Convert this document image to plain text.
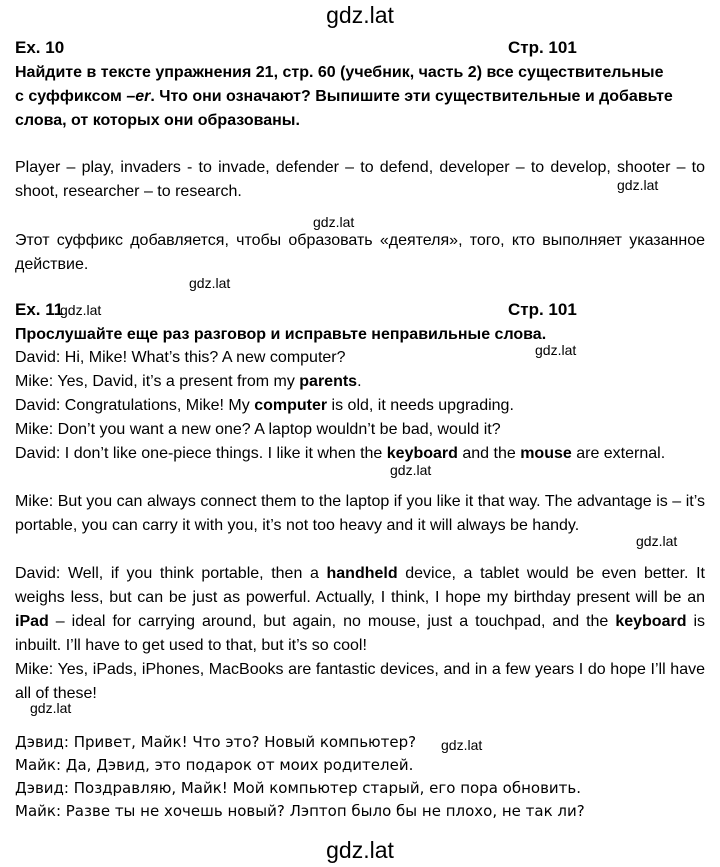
gdz.lat
Ex. 10	Стр. 101
Найдите в тексте упражнения 21, стр. 60 (учебник, часть 2) все существительные
с суффиксом –er. Что они означают? Выпишите эти существительные и добавьте
слова, от которых они образованы.
Player – play, invaders - to invade, defender – to defend, developer – to develop, shooter – to shoot, researcher – to research.
Этот суффикс добавляется, чтобы образовать «деятеля», того, кто выполняет указанное действие.
Ex. 11	Стр. 101
Прослушайте еще раз разговор и исправьте неправильные слова.
David: Hi, Mike! What’s this? A new computer?
Mike: Yes, David, it’s a present from my parents.
David: Congratulations, Mike! My computer is old, it needs upgrading.
Mike: Don’t you want a new one? A laptop wouldn’t be bad, would it?
David: I don’t like one-piece things. I like it when the keyboard and the mouse are external.
Mike: But you can always connect them to the laptop if you like it that way. The advantage is – it’s portable, you can carry it with you, it’s not too heavy and it will always be handy.
David: Well, if you think portable, then a handheld device, a tablet would be even better. It weighs less, but can be just as powerful. Actually, I think, I hope my birthday present will be an iPad – ideal for carrying around, but again, no mouse, just a touchpad, and the keyboard is inbuilt. I’ll have to get used to that, but it’s so cool!
Mike: Yes, iPads, iPhones, MacBooks are fantastic devices, and in a few years I do hope I’ll have all of these!
Дэвид: Привет, Майк! Что это? Новый компьютер?
Майк: Да, Дэвид, это подарок от моих родителей.
Дэвид: Поздравляю, Майк! Мой компьютер старый, его пора обновить.
Майк: Разве ты не хочешь новый? Лэптоп было бы не плохо, не так ли?
gdz.lat
gdz.lat
gdz.lat
gdz.lat
gdz.lat
gdz.lat
gdz.lat
gdz.lat
gdz.lat
gdz.lat
